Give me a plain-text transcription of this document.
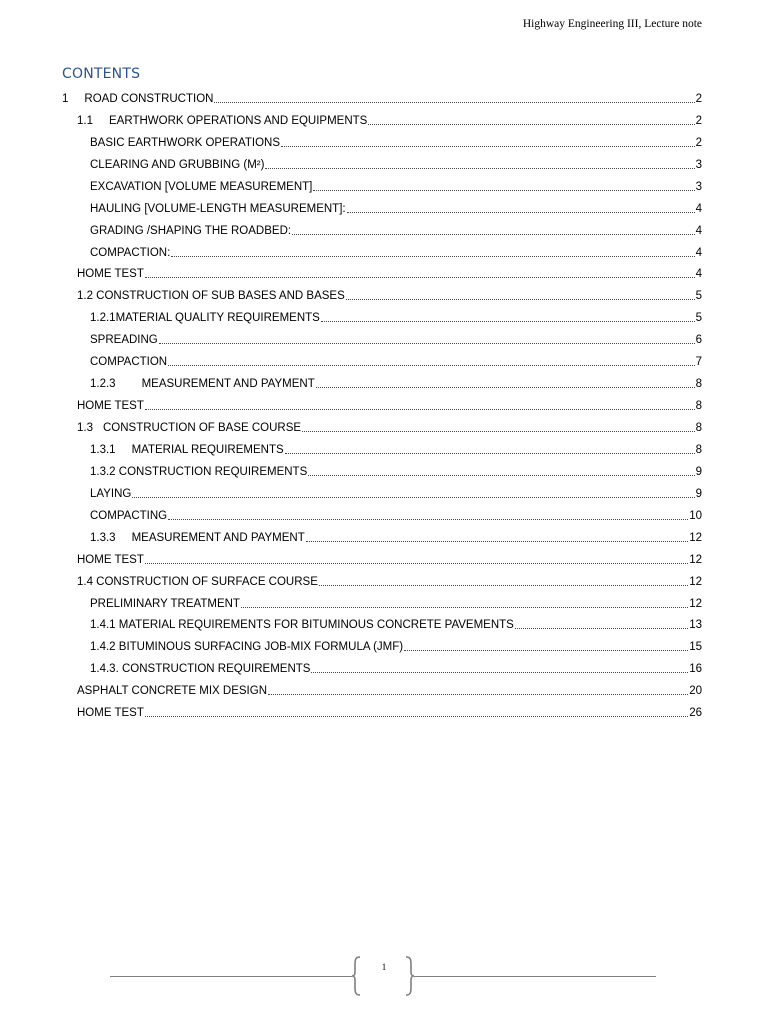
Highway Engineering III, Lecture note
CONTENTS
1 ROAD CONSTRUCTION	2
1.1 EARTHWORK OPERATIONS AND EQUIPMENTS	2
BASIC EARTHWORK OPERATIONS	2
CLEARING AND GRUBBING (M²)	3
EXCAVATION [VOLUME MEASUREMENT]	3
HAULING [VOLUME-LENGTH MEASUREMENT]:	4
GRADING /SHAPING THE ROADBED:	4
COMPACTION:	4
HOME TEST	4
1.2 CONSTRUCTION OF SUB BASES AND BASES	5
1.2.1MATERIAL QUALITY REQUIREMENTS	5
SPREADING	6
COMPACTION	7
1.2.3 MEASUREMENT AND PAYMENT	8
HOME TEST	8
1.3 CONSTRUCTION OF BASE COURSE	8
1.3.1 MATERIAL REQUIREMENTS	8
1.3.2 CONSTRUCTION REQUIREMENTS	9
LAYING	9
COMPACTING	10
1.3.3 MEASUREMENT AND PAYMENT	12
HOME TEST	12
1.4 CONSTRUCTION OF SURFACE COURSE	12
PRELIMINARY TREATMENT	12
1.4.1 MATERIAL REQUIREMENTS FOR BITUMINOUS CONCRETE PAVEMENTS	13
1.4.2 BITUMINOUS SURFACING JOB-MIX FORMULA (JMF)	15
1.4.3. CONSTRUCTION REQUIREMENTS	16
ASPHALT CONCRETE MIX DESIGN	20
HOME TEST	26
1
